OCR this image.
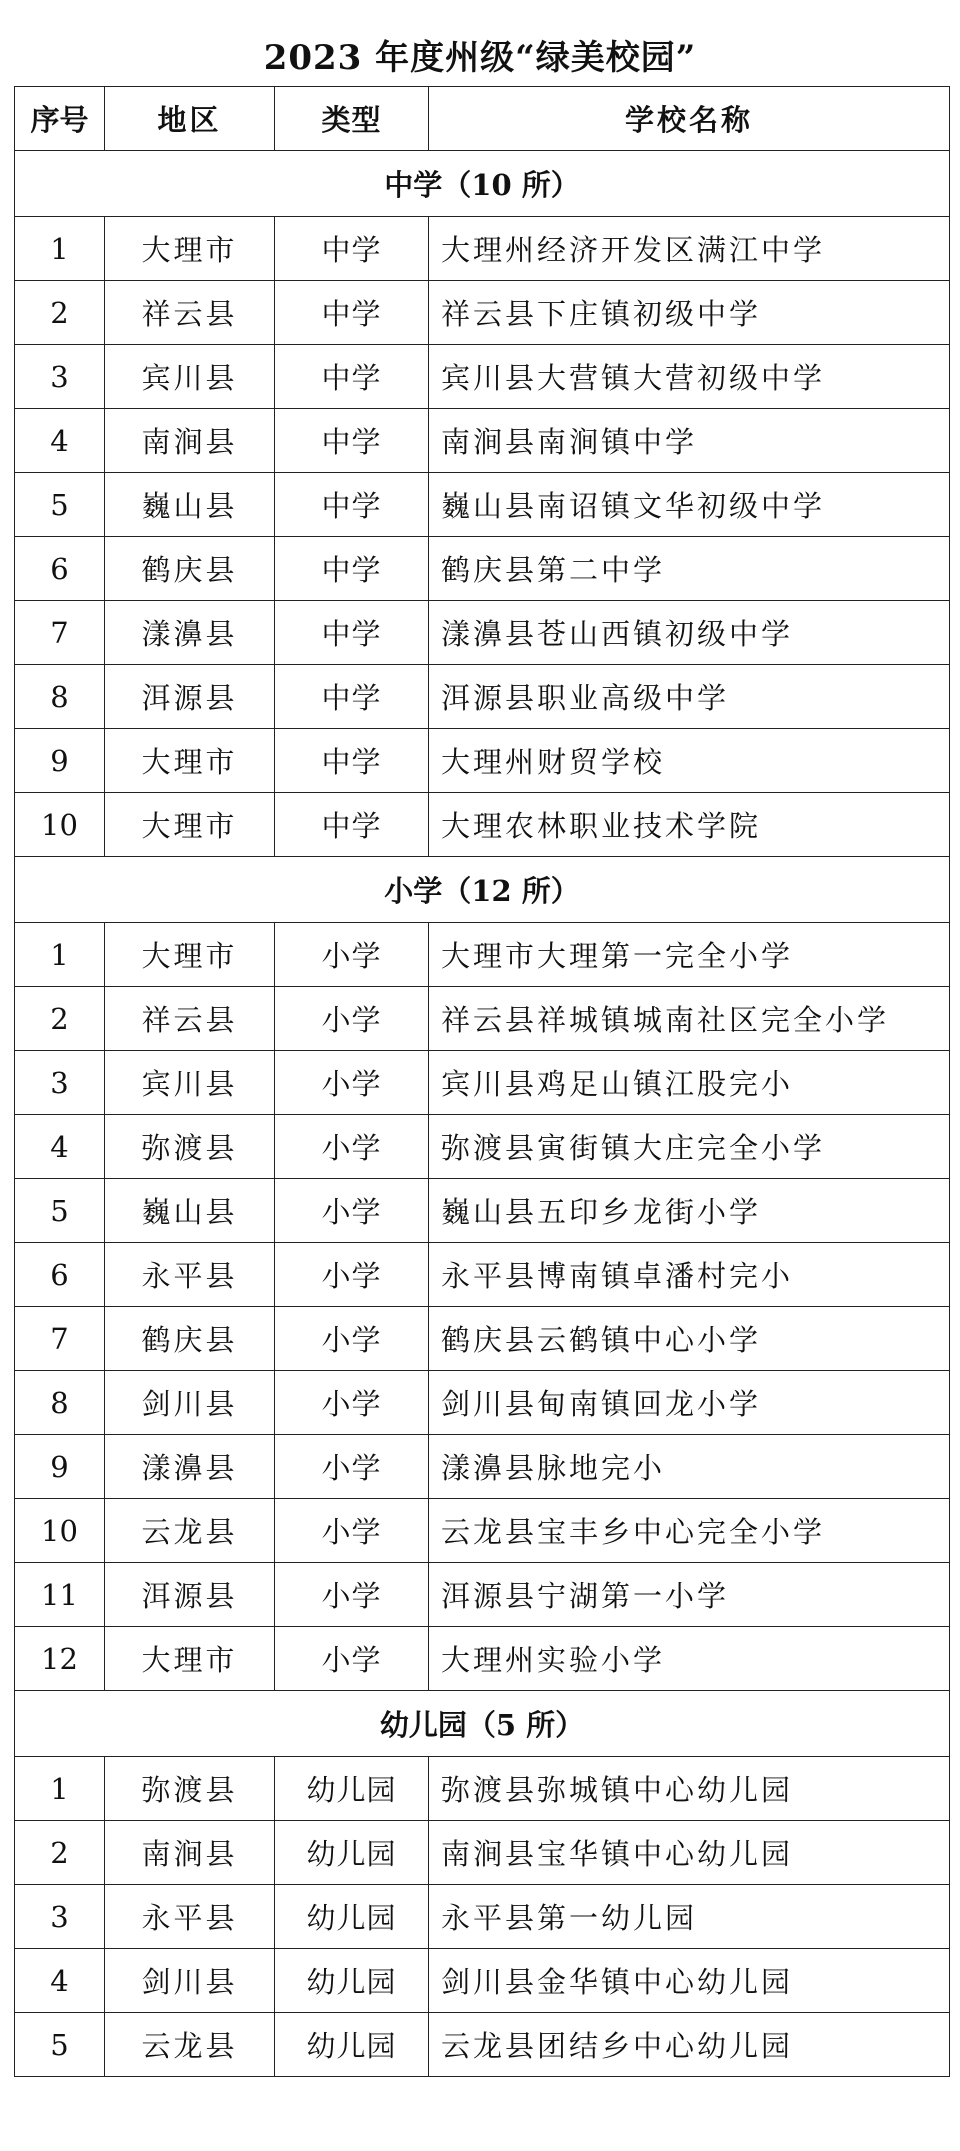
2023 年度州级“绿美校园”
序号	地区	类型	学校名称
中学（10 所）			
1	大理市	中学	大理州经济开发区满江中学
2	祥云县	中学	祥云县下庄镇初级中学
3	宾川县	中学	宾川县大营镇大营初级中学
4	南涧县	中学	南涧县南涧镇中学
5	巍山县	中学	巍山县南诏镇文华初级中学
6	鹤庆县	中学	鹤庆县第二中学
7	漾濞县	中学	漾濞县苍山西镇初级中学
8	洱源县	中学	洱源县职业高级中学
9	大理市	中学	大理州财贸学校
10	大理市	中学	大理农林职业技术学院
小学（12 所）			
1	大理市	小学	大理市大理第一完全小学
2	祥云县	小学	祥云县祥城镇城南社区完全小学
3	宾川县	小学	宾川县鸡足山镇江股完小
4	弥渡县	小学	弥渡县寅街镇大庄完全小学
5	巍山县	小学	巍山县五印乡龙街小学
6	永平县	小学	永平县博南镇卓潘村完小
7	鹤庆县	小学	鹤庆县云鹤镇中心小学
8	剑川县	小学	剑川县甸南镇回龙小学
9	漾濞县	小学	漾濞县脉地完小
10	云龙县	小学	云龙县宝丰乡中心完全小学
11	洱源县	小学	洱源县宁湖第一小学
12	大理市	小学	大理州实验小学
幼儿园（5 所）			
1	弥渡县	幼儿园	弥渡县弥城镇中心幼儿园
2	南涧县	幼儿园	南涧县宝华镇中心幼儿园
3	永平县	幼儿园	永平县第一幼儿园
4	剑川县	幼儿园	剑川县金华镇中心幼儿园
5	云龙县	幼儿园	云龙县团结乡中心幼儿园
